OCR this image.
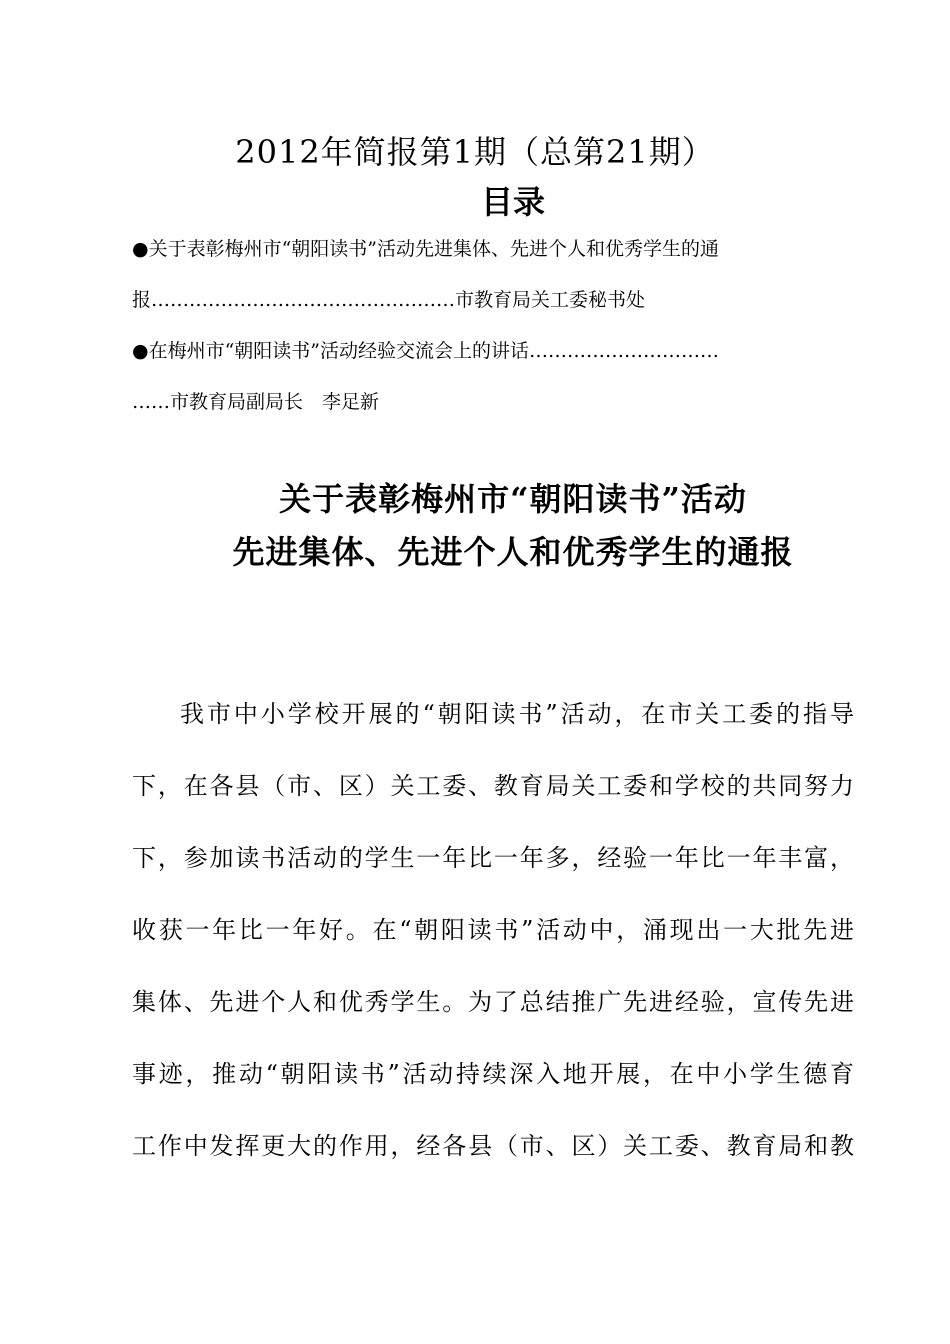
2012年简报第1期（总第21期）
目录
●关于表彰梅州市“朝阳读书”活动先进集体、先进个人和优秀学生的通
报…………………………………………市教育局关工委秘书处
●在梅州市“朝阳读书”活动经验交流会上的讲话…………………………
……市教育局副局长　李足新
关于表彰梅州市“朝阳读书”活动
先进集体、先进个人和优秀学生的通报
我市中小学校开展的“朝阳读书”活动，在市关工委的指导
下，在各县（市、区）关工委、教育局关工委和学校的共同努力
下，参加读书活动的学生一年比一年多，经验一年比一年丰富，
收获一年比一年好。在“朝阳读书”活动中，涌现出一大批先进
集体、先进个人和优秀学生。为了总结推广先进经验，宣传先进
事迹，推动“朝阳读书”活动持续深入地开展，在中小学生德育
工作中发挥更大的作用，经各县（市、区）关工委、教育局和教
